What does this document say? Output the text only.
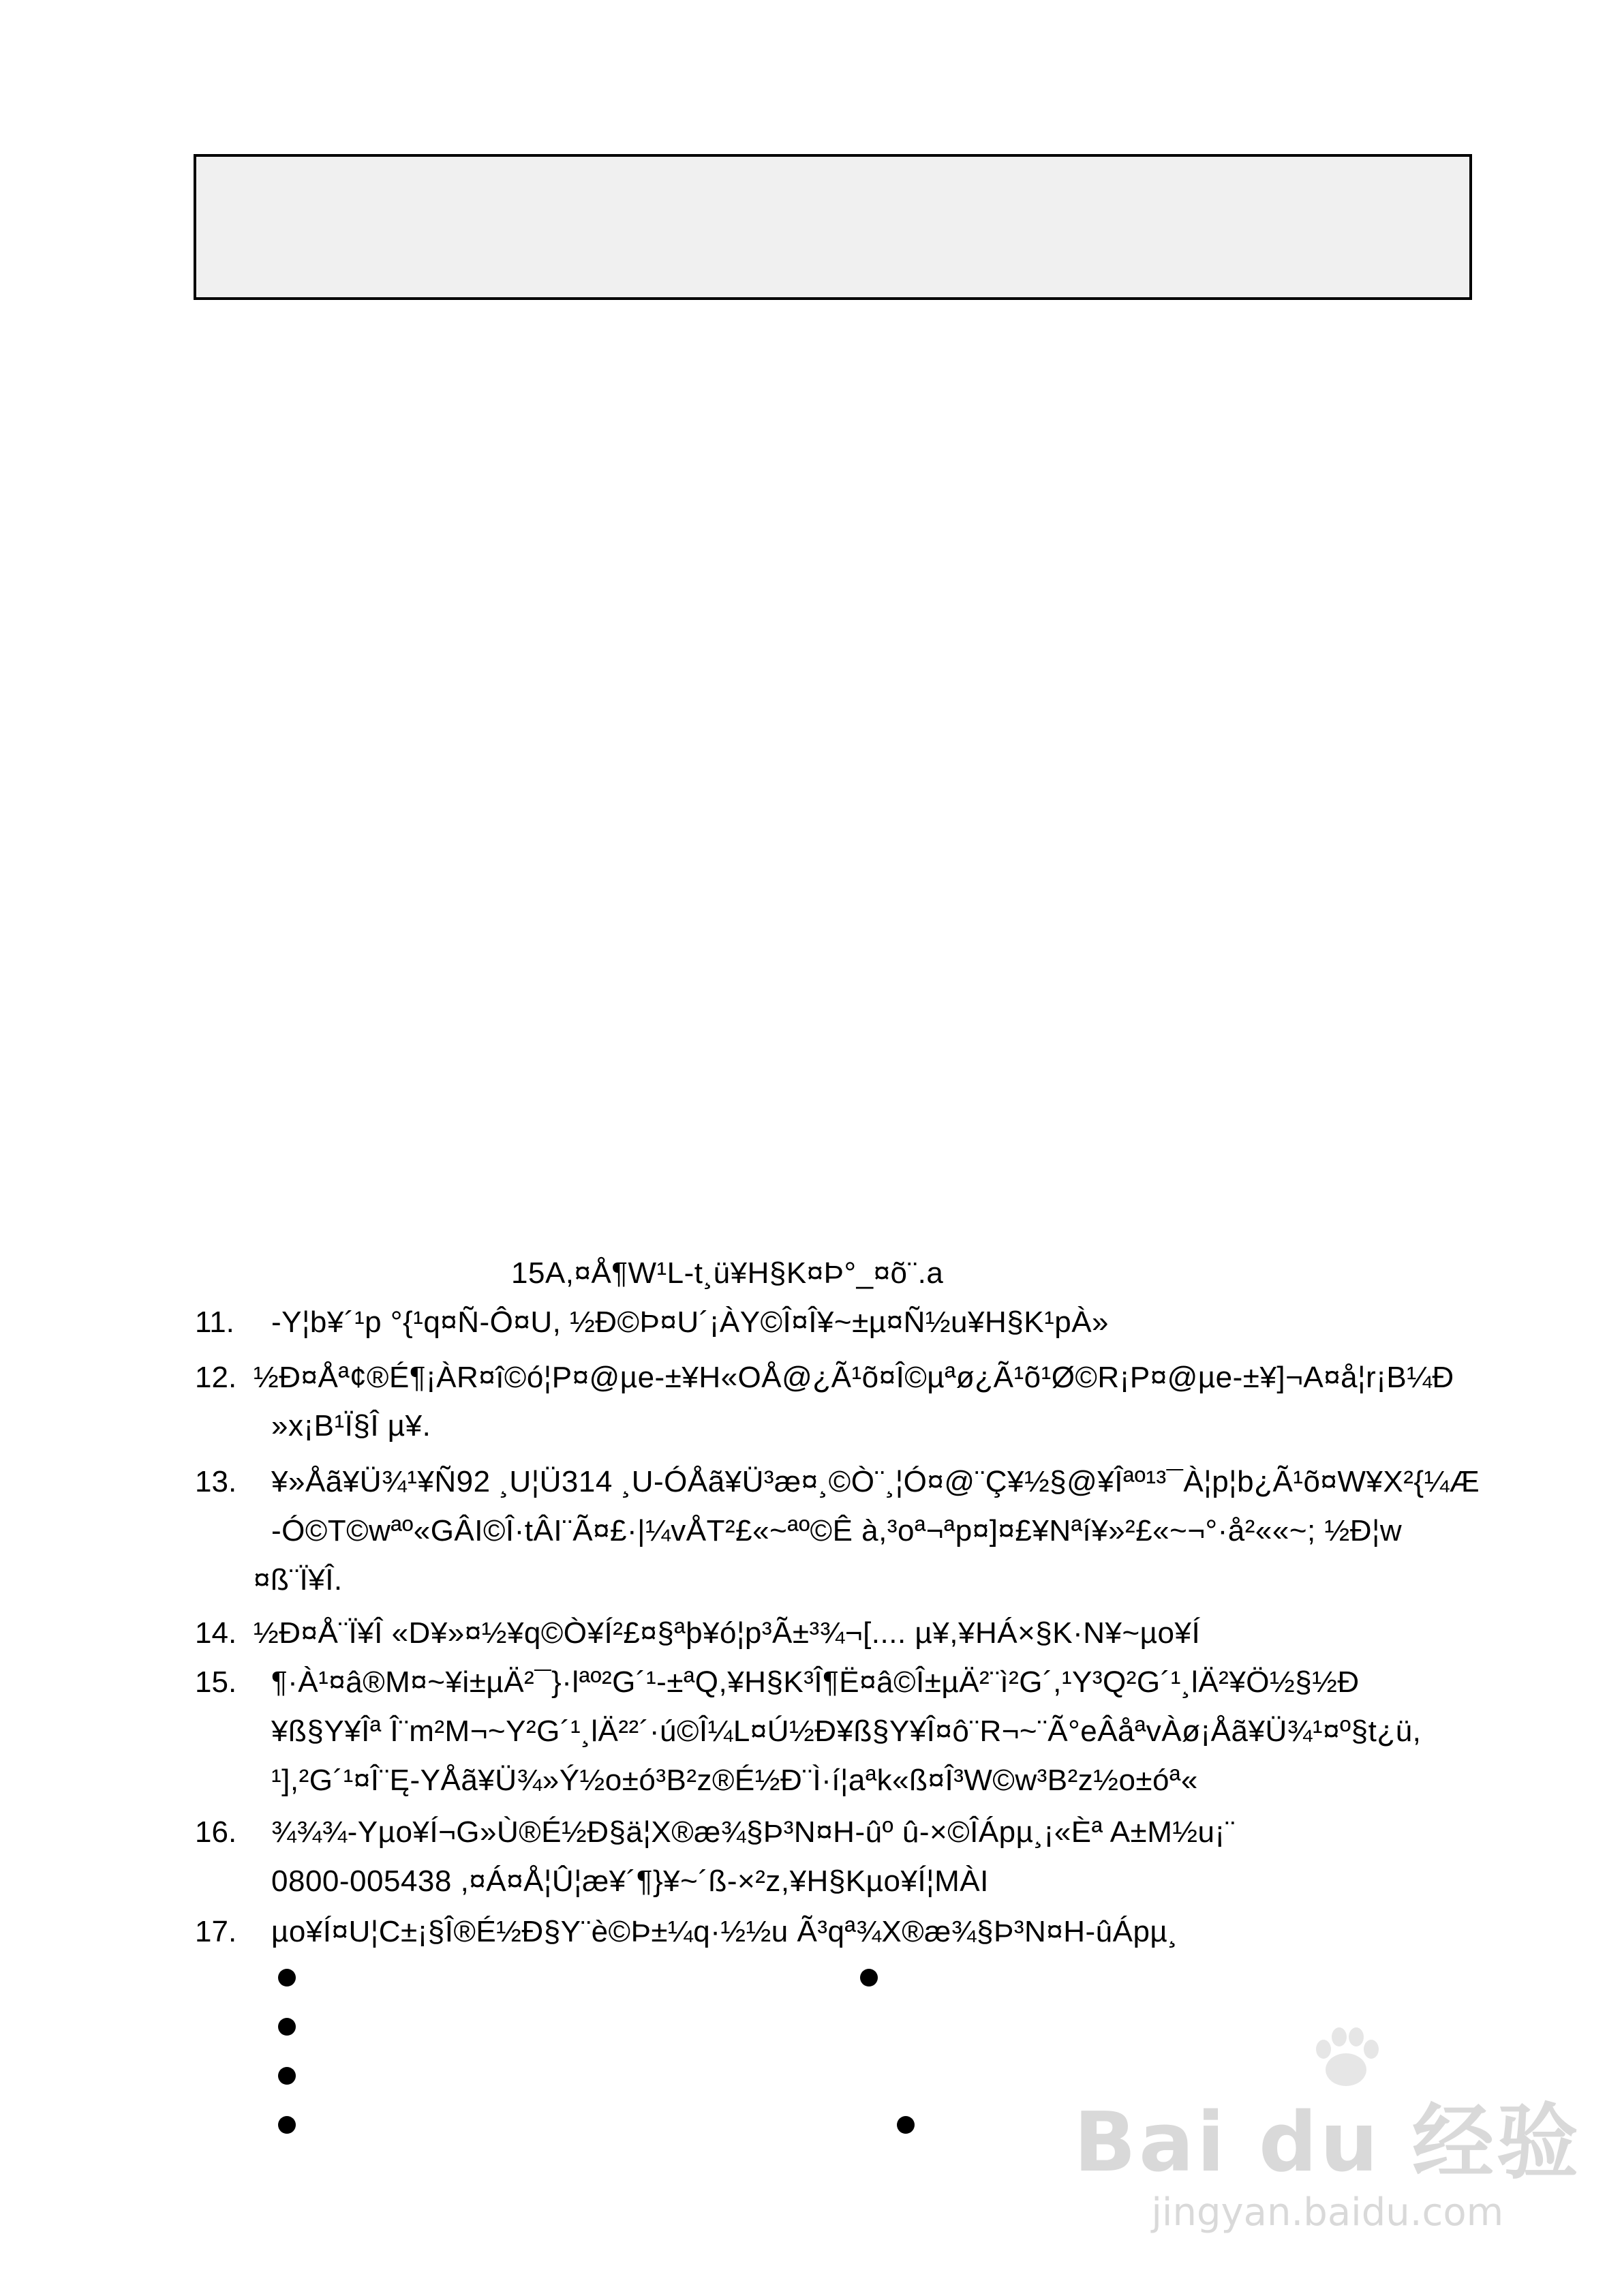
15A,¤Å¶W¹L-t¸ü¥H§K¤Þ°_¤õ¨.a
11. -Y¦b¥´¹p °{¹q¤Ñ-Ô¤U, ½Ð©Þ¤U´¡ÀY©Î¤Î¥~±µ¤Ñ½u¥H§K¹pÀ»
12. ½Ð¤Åª¢®É¶¡ÀR¤î©ó¦P¤@µe-±¥H«OÅ@¿Ã¹õ¤Î©µªø¿Ã¹õ¹Ø©R¡P¤@µe-±¥]¬A¤å¦r¡B¼Ð
»x¡B¹Ï§Î µ¥.
13. ¥»Åã¥Ü¾¹¥Ñ92 ¸U¦Ü314 ¸U-ÓÅã¥Ü³æ¤¸©Ò¨¸¦Ó¤@¨Ç¥½§@¥Îªº¹³¯À¦p¦b¿Ã¹õ¤W¥X²{¼Æ
-Ó©T©wªº«GÂI©Î·tÂI¨Ã¤£·|¼vÅT²£«~ªº©Ê à,³oª¬ªp¤]¤£¥Nªí¥»²£«~¬°·å²««~; ½Ð¦w
¤ß¨Ï¥Î.
14. ½Ð¤Å¨Ï¥Î «D¥»¤½¥q©Ò¥Í²£¤§ªþ¥ó¦p³Ã±³¾¬[.... µ¥,¥HÁ×§K·N¥~µo¥Í
15. ¶·À¹¤â®M¤~¥i±µÄ²¯}·lªº²G´¹-±ªQ,¥H§K³Î¶Ë¤â©Î±µÄ²¨ì²G´,¹Y³Q²G´¹¸lÄ²¥Ö½§½Ð
¥ß§Y¥Îª Î¨m²M¬~Y²G´¹¸lÄ²²´·ú©Î¼L¤Ú½Ð¥ß§Y¥Î¤ô¨R¬~¨Ã°eÂåªvÀø¡Åã¥Ü¾¹¤º§t¿ü,
¹],²G´¹¤Î¨Ę-YÅã¥Ü¾»Ý½o±ó³B²z®É½Ð¨Ì·í¦aªk«ß¤Î³W©w³B²z½o±óª«
16. ¾¾¾-Yµo¥Í¬G»Ù®É½Ð§ä¦X®æ¾§Þ³N¤H-ûº û-×©ÎÁpµ¸¡«Èª A±M½u¡¨
0800-005438 ,¤Á¤Å¦Û¦æ¥´¶}¥~´ß-×²z,¥H§Kµo¥Í¦MÀI
17. µo¥Í¤U¦C±¡§Î®É½Ð§Y¨è©Þ±¼q·½½u Ã³qª¾X®æ¾§Þ³N¤H-ûÁpµ¸
Bai du 经验
jingyan.baidu.com
